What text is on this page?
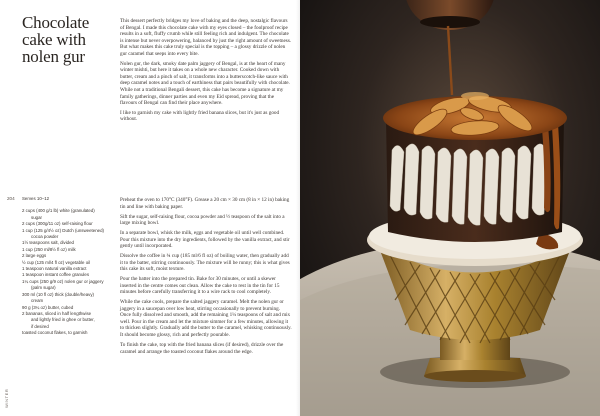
Chocolate cake with nolen gur

This dessert perfectly bridges my love of baking and the deep, nostalgic flavours of Bengal. I made this chocolate cake with my eyes closed – the foolproof recipe results in a soft, fluffy crumb while still feeling rich and indulgent. The chocolate is intense but never overpowering, balanced by just the right amount of sweetness. But what makes this cake truly special is the topping – a glossy drizzle of nolen gur caramel that seeps into every bite.

Nolen gur, the dark, smoky date palm jaggery of Bengal, is at the heart of many winter mishti, but here it takes on a whole new character. Cooked down with butter, cream and a pinch of salt, it transforms into a butterscotch-like sauce with deep caramel notes and a touch of earthiness that pairs beautifully with chocolate. While not a traditional Bengali dessert, this cake has become a signature at my family gatherings, dinner parties and even my Eid spread, proving that the flavours of Bengal can find their place anywhere.

I like to garnish my cake with lightly fried banana slices, but it's just as good without.

204 Serves 10–12
2 cups (400 g/1 lb) white (granulated)
sugar
2 cups (300g/11 oz) self-raising flour
1 cup (125 g/4½ oz) Dutch (unsweetened)
cocoa powder
1½ teaspoons salt, divided
1 cup (250 ml/8½ fl oz) milk
2 large eggs
½ cup (125 ml/4 fl oz) vegetable oil
1 teaspoon natural vanilla extract
1 teaspoon instant coffee granules
1¼ cups (250 g/9 oz) nolen gur or jaggery
(palm sugar)
300 ml (10 fl oz) thick (double/heavy)
cream
90 g (3¼ oz) butter, cubed
2 bananas, sliced in half lengthwise
and lightly fried in ghee or butter,
if desired
toasted coconut flakes, to garnish

Preheat the oven to 170°C (340°F). Grease a 20 cm × 30 cm (8 in × 12 in) baking tin and line with baking paper.

Sift the sugar, self-raising flour, cocoa powder and ½ teaspoon of the salt into a large mixing bowl.

In a separate bowl, whisk the milk, eggs and vegetable oil until well combined. Pour this mixture into the dry ingredients, followed by the vanilla extract, and stir gently until incorporated.

Dissolve the coffee in ¾ cup (185 ml/6 fl oz) of boiling water, then gradually add it to the batter, stirring continuously. The mixture will be runny; this is what gives this cake its soft, moist texture.

Pour the batter into the prepared tin. Bake for 30 minutes, or until a skewer inserted in the centre comes out clean. Allow the cake to rest in the tin for 15 minutes before carefully transferring it to a wire rack to cool completely.

While the cake cools, prepare the salted jaggery caramel. Melt the nolen gur or jaggery in a saucepan over low heat, stirring occasionally to prevent burning. Once fully dissolved and smooth, add the remaining 1¼ teaspoons of salt and mix well. Pour in the cream and let the mixture simmer for a few minutes, allowing it to thicken slightly. Gradually add the butter to the caramel, whisking continuously. It should become glossy, rich and perfectly pourable.

To finish the cake, top with the fried banana slices (if desired), drizzle over the caramel and arrange the toasted coconut flakes around the edge.

WINTER
